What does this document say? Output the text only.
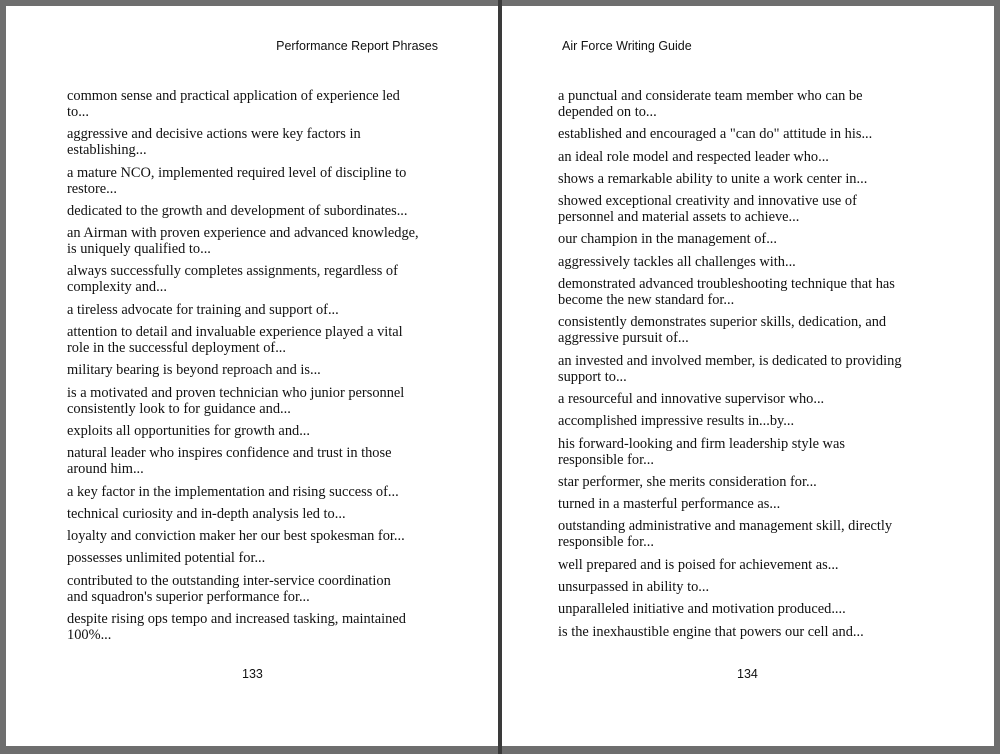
Performance Report Phrases
common sense and practical application of experience led
to...
aggressive and decisive actions were key factors in
establishing...
a mature NCO, implemented required level of discipline to
restore...
dedicated to the growth and development of subordinates...
an Airman with proven experience and advanced knowledge,
is uniquely qualified to...
always successfully completes assignments, regardless of
complexity and...
a tireless advocate for training and support of...
attention to detail and invaluable experience played a vital
role in the successful deployment of...
military bearing is beyond reproach and is...
is a motivated and proven technician who junior personnel
consistently look to for guidance and...
exploits all opportunities for growth and...
natural leader who inspires confidence and trust in those
around him...
a key factor in the implementation and rising success of...
technical curiosity and in-depth analysis led to...
loyalty and conviction maker her our best spokesman for...
possesses unlimited potential for...
contributed to the outstanding inter-service coordination
and squadron's superior performance for...
despite rising ops tempo and increased tasking, maintained
100%...
133
Air Force Writing Guide
a punctual and considerate team member who can be
depended on to...
established and encouraged a "can do" attitude in his...
an ideal role model and respected leader who...
shows a remarkable ability to unite a work center in...
showed exceptional creativity and innovative use of
personnel and material assets to achieve...
our champion in the management of...
aggressively tackles all challenges with...
demonstrated advanced troubleshooting technique that has
become the new standard for...
consistently demonstrates superior skills, dedication, and
aggressive pursuit of...
an invested and involved member, is dedicated to providing
support to...
a resourceful and innovative supervisor who...
accomplished impressive results in...by...
his forward-looking and firm leadership style was
responsible for...
star performer, she merits consideration for...
turned in a masterful performance as...
outstanding administrative and management skill, directly
responsible for...
well prepared and is poised for achievement as...
unsurpassed in ability to...
unparalleled initiative and motivation produced....
is the inexhaustible engine that powers our cell and...
134
